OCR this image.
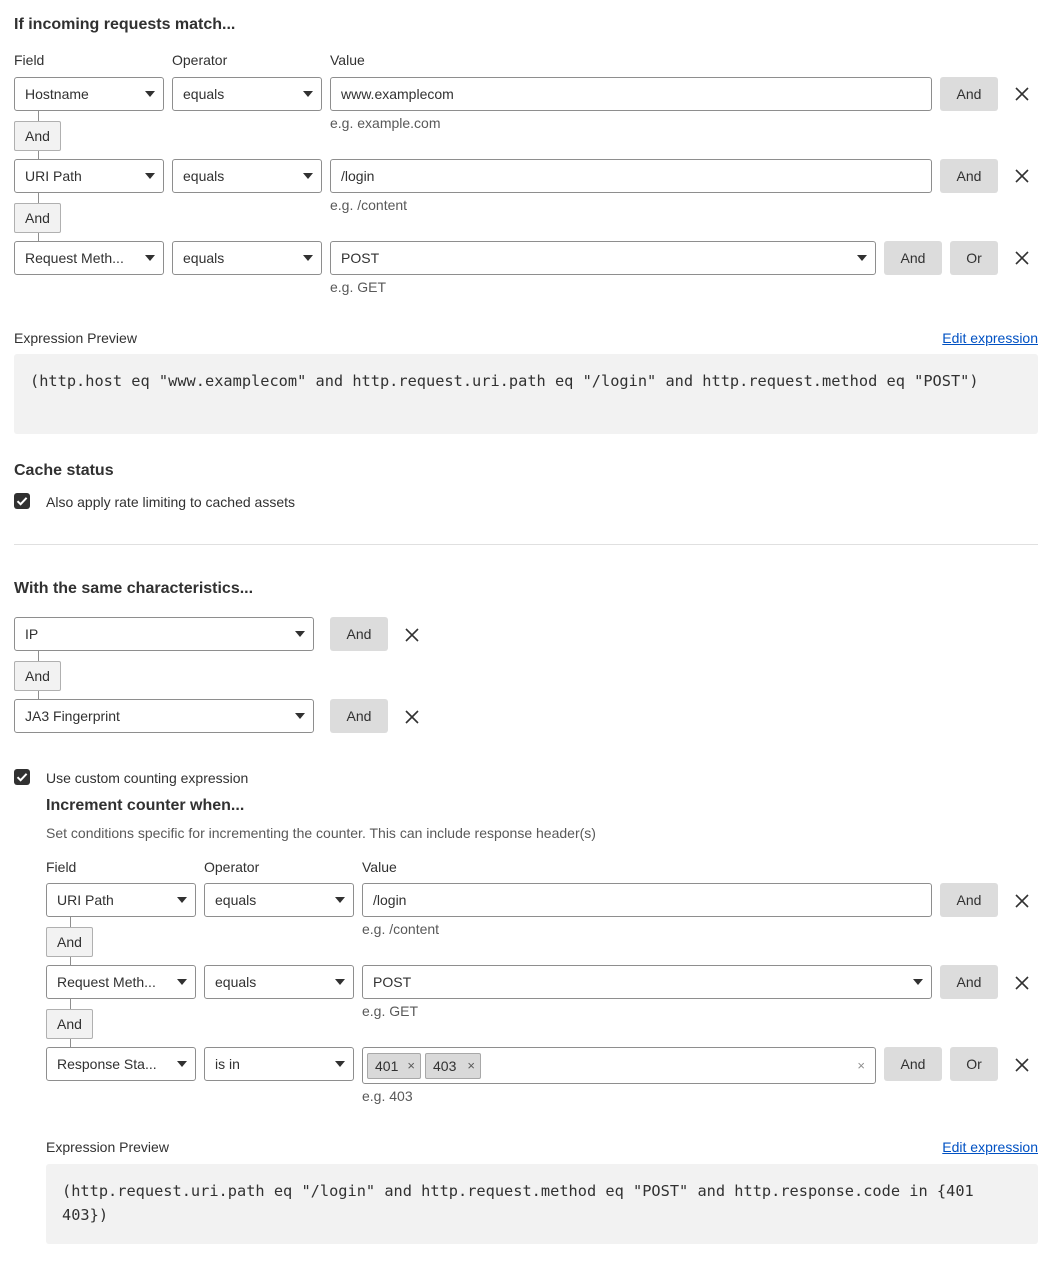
If incoming requests match...
Field	Operator	Value
Hostname	equals	www.examplecom
e.g. example.com
And
And
URI Path	equals	/login
e.g. /content
And
And
Request Meth...	equals	POST
e.g. GET
And	Or
Expression Preview	Edit expression
(http.host eq "www.examplecom" and http.request.uri.path eq "/login" and http.request.method eq "POST")
Cache status
Also apply rate limiting to cached assets
With the same characteristics...
IP	And
And
JA3 Fingerprint	And
Use custom counting expression
Increment counter when...
Set conditions specific for incrementing the counter. This can include response header(s)
Field	Operator	Value
URI Path	equals	/login
e.g. /content
And
And
Request Meth...	equals	POST
e.g. GET
And
And
Response Sta...	is in	401 ×	403 ×	×
e.g. 403
And	Or
Expression Preview	Edit expression
(http.request.uri.path eq "/login" and http.request.method eq "POST" and http.response.code in {401 403})
